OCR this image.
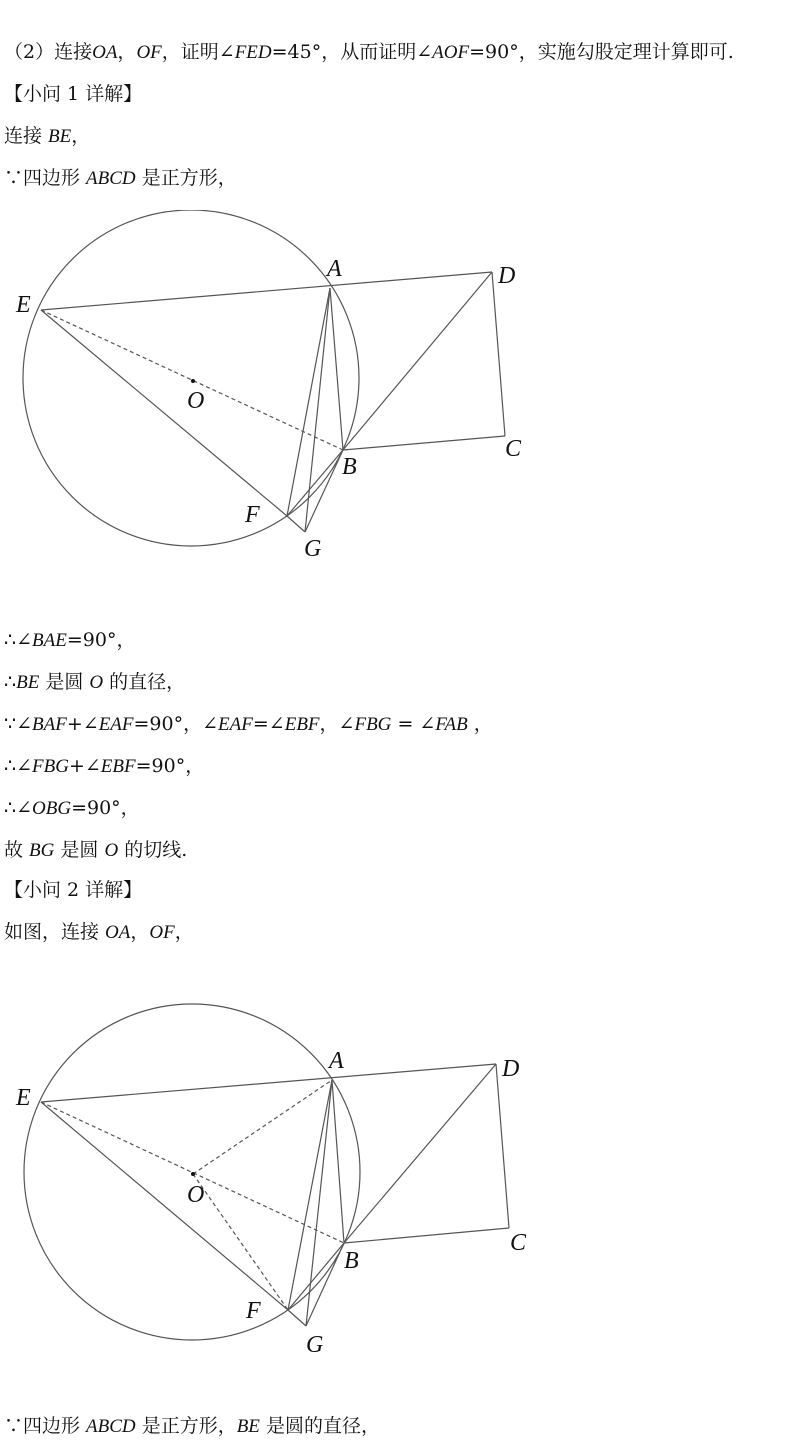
（2）连接OA，OF，证明∠FED=45°，从而证明∠AOF=90°，实施勾股定理计算即可.
【小问 1 详解】
连接 BE，
∵四边形 ABCD 是正方形，
E
A	D
O
C
B
F
G
∴∠BAE=90°，
∴BE 是圆 O 的直径，
∵∠BAF+∠EAF=90°，∠EAF=∠EBF，∠FBG = ∠FAB ，
∴∠FBG+∠EBF=90°，
∴∠OBG=90°，
故 BG 是圆 O 的切线.
【小问 2 详解】
如图，连接 OA，OF，
E
A	D
O
C
B
F
G
∵四边形 ABCD 是正方形，BE 是圆的直径，
